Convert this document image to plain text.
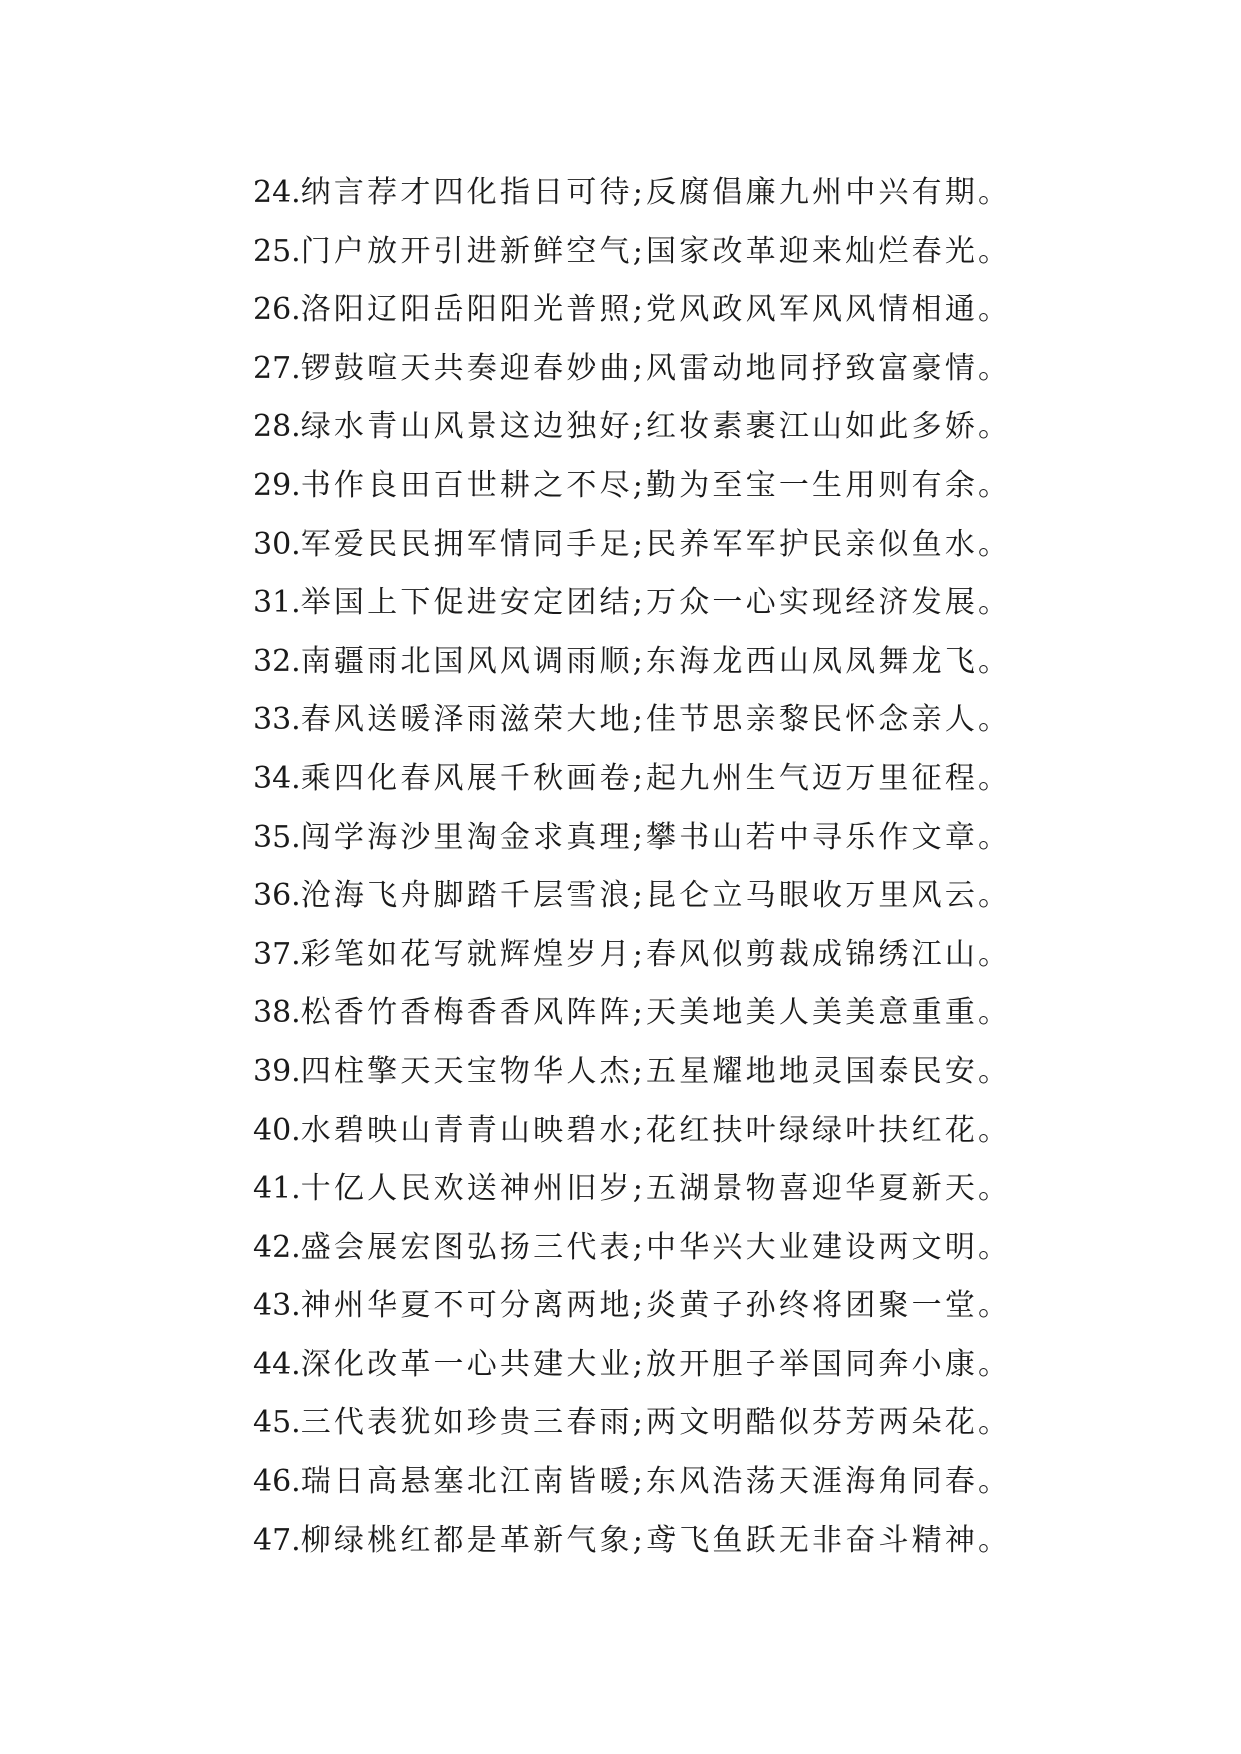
24. 纳言荐才四化指日可待;反腐倡廉九州中兴有期。
25. 门户放开引进新鲜空气;国家改革迎来灿烂春光。
26. 洛阳辽阳岳阳阳光普照;党风政风军风风情相通。
27. 锣鼓喧天共奏迎春妙曲;风雷动地同抒致富豪情。
28. 绿水青山风景这边独好;红妆素裹江山如此多娇。
29. 书作良田百世耕之不尽;勤为至宝一生用则有余。
30. 军爱民民拥军情同手足;民养军军护民亲似鱼水。
31. 举国上下促进安定团结;万众一心实现经济发展。
32. 南疆雨北国风风调雨顺;东海龙西山凤凤舞龙飞。
33. 春风送暖泽雨滋荣大地;佳节思亲黎民怀念亲人。
34. 乘四化春风展千秋画卷;起九州生气迈万里征程。
35. 闯学海沙里淘金求真理;攀书山若中寻乐作文章。
36. 沧海飞舟脚踏千层雪浪;昆仑立马眼收万里风云。
37. 彩笔如花写就辉煌岁月;春风似剪裁成锦绣江山。
38. 松香竹香梅香香风阵阵;天美地美人美美意重重。
39. 四柱擎天天宝物华人杰;五星耀地地灵国泰民安。
40. 水碧映山青青山映碧水;花红扶叶绿绿叶扶红花。
41. 十亿人民欢送神州旧岁;五湖景物喜迎华夏新天。
42. 盛会展宏图弘扬三代表;中华兴大业建设两文明。
43. 神州华夏不可分离两地;炎黄子孙终将团聚一堂。
44. 深化改革一心共建大业;放开胆子举国同奔小康。
45. 三代表犹如珍贵三春雨;两文明酷似芬芳两朵花。
46. 瑞日高悬塞北江南皆暖;东风浩荡天涯海角同春。
47. 柳绿桃红都是革新气象;鸢飞鱼跃无非奋斗精神。
